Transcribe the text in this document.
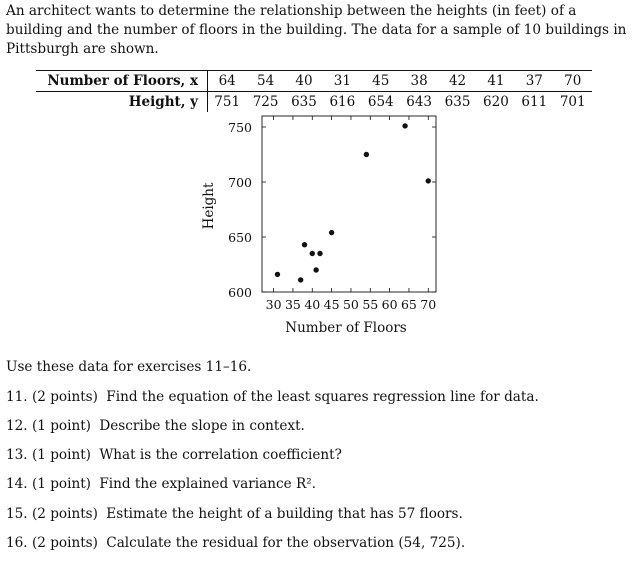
An architect wants to determine the relationship between the heights (in feet) of a building and the number of floors in the building. The data for a sample of 10 buildings in Pittsburgh are shown.

Number of Floors, x	64	54	40	31	45	38	42	41	37	70
Height, y	751	725	635	616	654	643	635	620	611	701
30 35 40 45 50 55 60 65 70
600
650
700
750
Number of Floors
Height

Use these data for exercises 11–16.

11. (2 points) Find the equation of the least squares regression line for data.

12. (1 point) Describe the slope in context.

13. (1 point) What is the correlation coefficient?

14. (1 point) Find the explained variance R².

15. (2 points) Estimate the height of a building that has 57 floors.

16. (2 points) Calculate the residual for the observation (54, 725).
